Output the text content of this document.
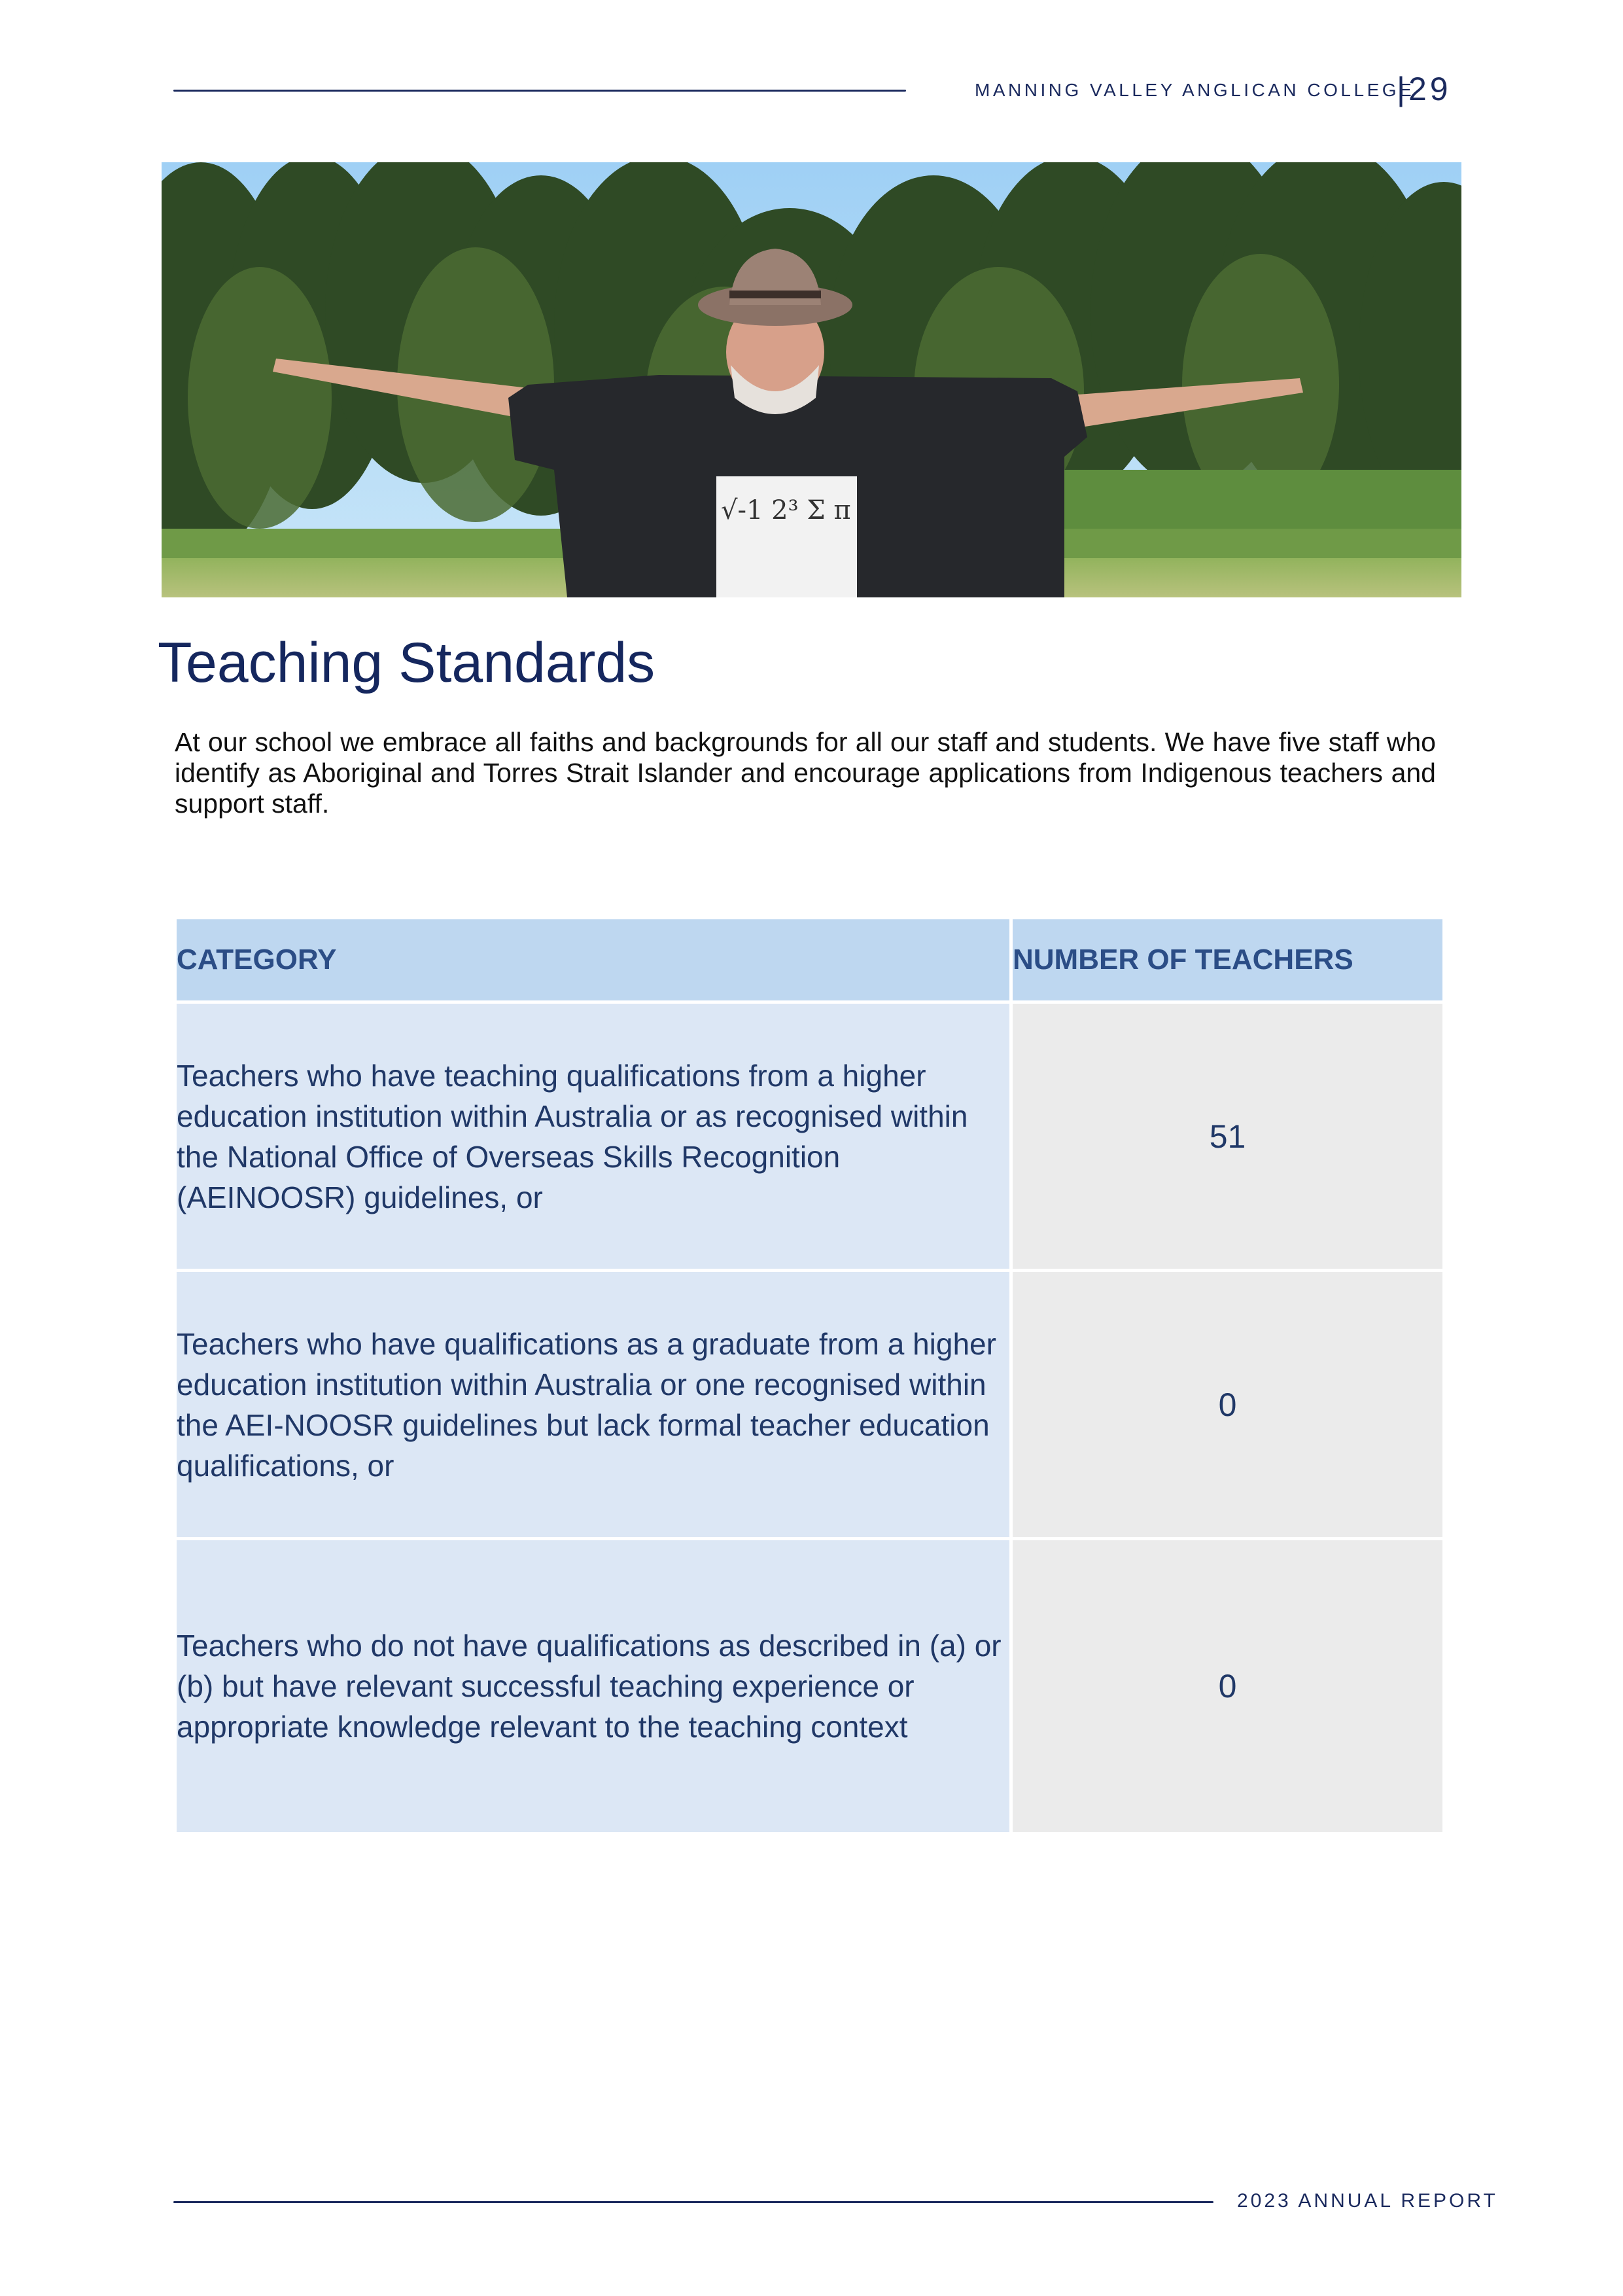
MANNING VALLEY ANGLICAN COLLEGE
|29
√-1 2³ Σ π
Teaching Standards

At our school we embrace all faiths and backgrounds for all our staff and students. We have five staff who identify as Aboriginal and Torres Strait Islander and encourage applications from Indigenous teachers and support staff.

CATEGORY	NUMBER OF TEACHERS
Teachers who have teaching qualifications from a higher education institution within Australia or as recognised within the National Office of Overseas Skills Recognition (AEINOOSR) guidelines, or	51
Teachers who have qualifications as a graduate from a higher education institution within Australia or one recognised within the AEI-NOOSR guidelines but lack formal teacher education qualifications, or	0
Teachers who do not have qualifications as described in (a) or (b) but have relevant successful teaching experience or appropriate knowledge relevant to the teaching context	0
2023 ANNUAL REPORT
